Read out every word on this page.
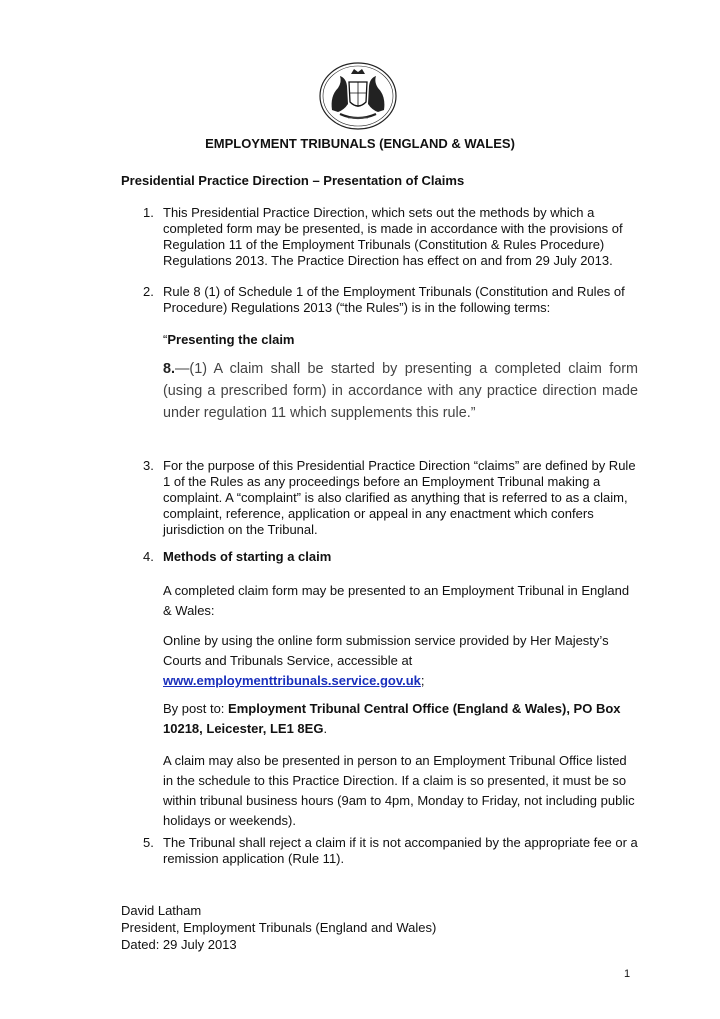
EMPLOYMENT TRIBUNALS (ENGLAND & WALES)
Presidential Practice Direction – Presentation of Claims
1. This Presidential Practice Direction, which sets out the methods by which a completed form may be presented, is made in accordance with the provisions of Regulation 11 of the Employment Tribunals (Constitution & Rules Procedure) Regulations 2013. The Practice Direction has effect on and from 29 July 2013.
2. Rule 8 (1) of Schedule 1 of the Employment Tribunals (Constitution and Rules of Procedure) Regulations 2013 (“the Rules”) is in the following terms:
“Presenting the claim
8.—(1) A claim shall be started by presenting a completed claim form (using a prescribed form) in accordance with any practice direction made under regulation 11 which supplements this rule.”
3. For the purpose of this Presidential Practice Direction “claims” are defined by Rule 1 of the Rules as any proceedings before an Employment Tribunal making a complaint. A “complaint” is also clarified as anything that is referred to as a claim, complaint, reference, application or appeal in any enactment which confers jurisdiction on the Tribunal.
4. Methods of starting a claim
A completed claim form may be presented to an Employment Tribunal in England & Wales:
Online by using the online form submission service provided by Her Majesty’s Courts and Tribunals Service, accessible at www.employmenttribunals.service.gov.uk;
By post to: Employment Tribunal Central Office (England & Wales), PO Box 10218, Leicester, LE1 8EG.
A claim may also be presented in person to an Employment Tribunal Office listed in the schedule to this Practice Direction. If a claim is so presented, it must be so within tribunal business hours (9am to 4pm, Monday to Friday, not including public holidays or weekends).
5. The Tribunal shall reject a claim if it is not accompanied by the appropriate fee or a remission application (Rule 11).
David Latham
President, Employment Tribunals (England and Wales)
Dated: 29 July 2013
1
